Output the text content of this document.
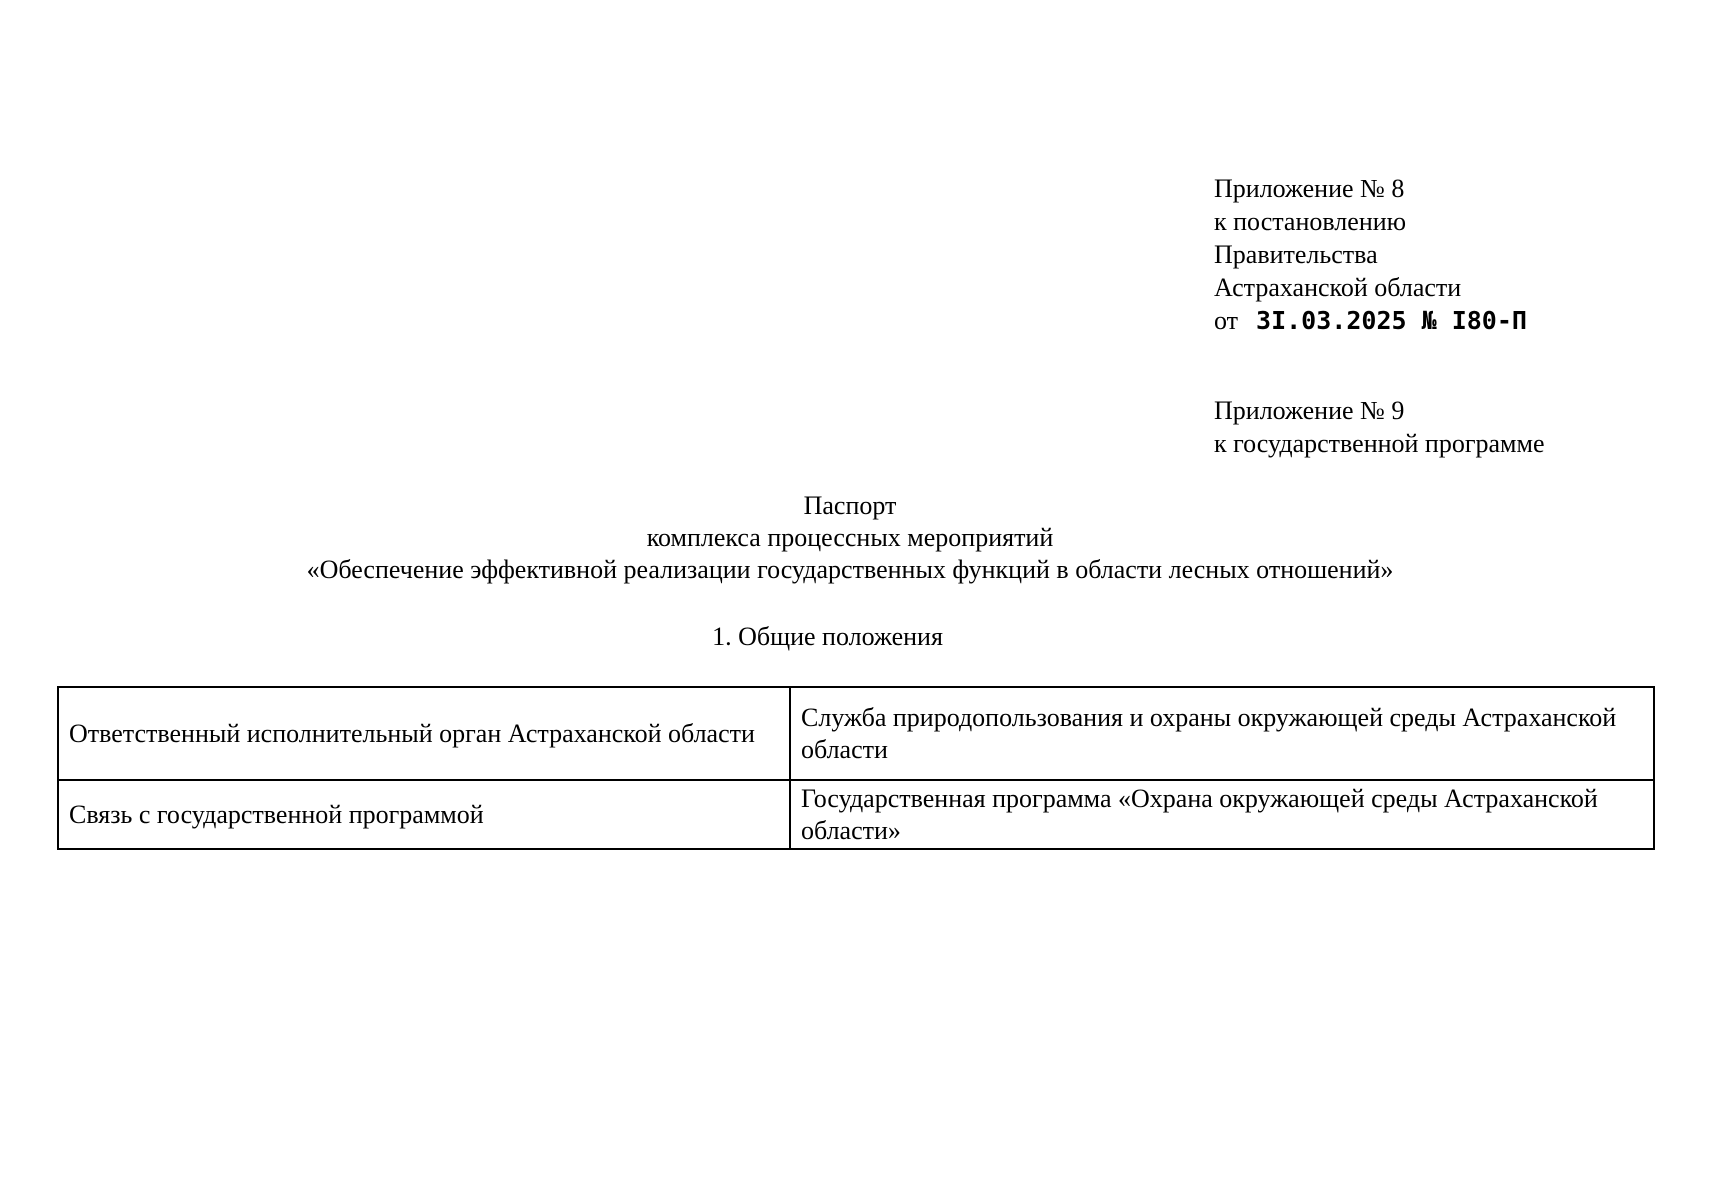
Приложение № 8
к постановлению
Правительства
Астраханской области
от 3I.03.2025 № I80-П
Приложение № 9
к государственной программе
Паспорт
комплекса процессных мероприятий
«Обеспечение эффективной реализации государственных функций в области лесных отношений»
1. Общие положения
Ответственный исполнительный орган Астраханской области	Служба природопользования и охраны окружающей среды Астраханской области
Связь с государственной программой	Государственная программа «Охрана окружающей среды Астраханской области»
